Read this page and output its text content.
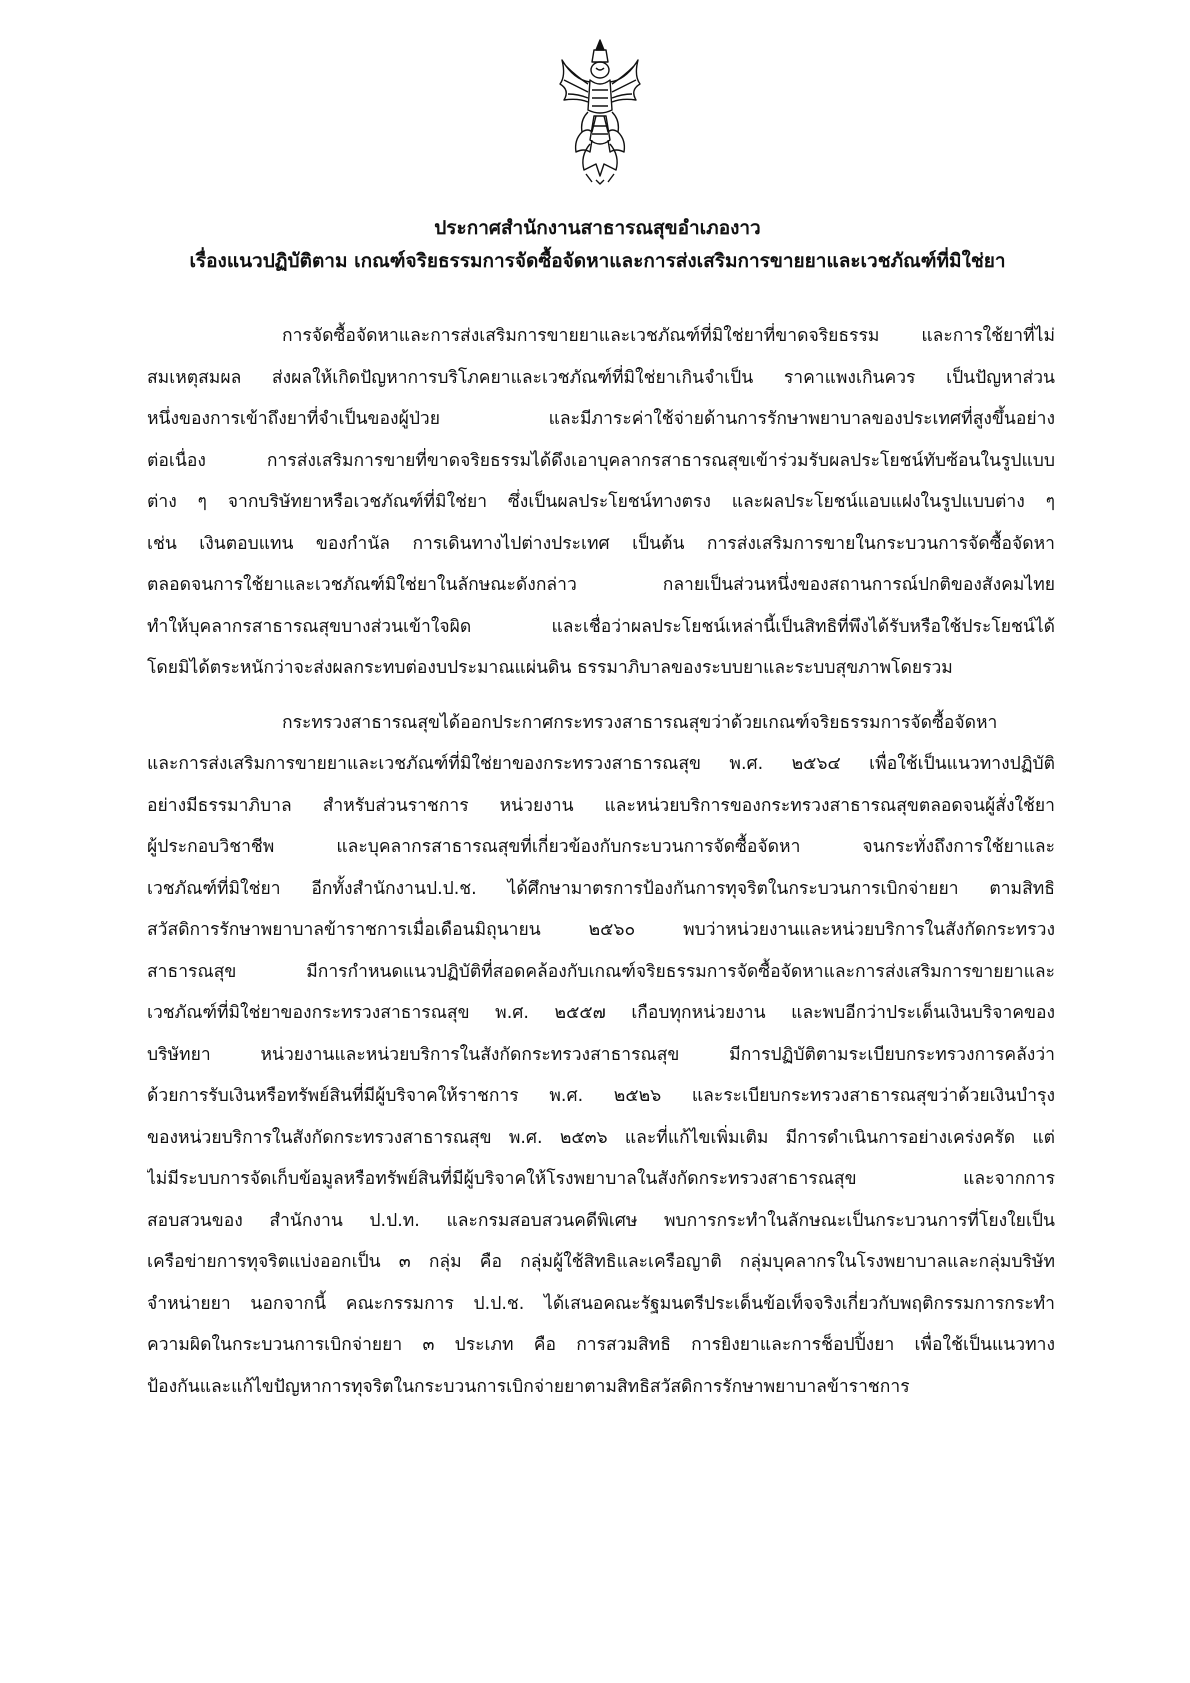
ประกาศสำนักงานสาธารณสุขอำเภองาว
เรื่องแนวปฏิบัติตาม เกณฑ์จริยธรรมการจัดซื้อจัดหาและการส่งเสริมการขายยาและเวชภัณฑ์ที่มิใช่ยา
การจัดซื้อจัดหาและการส่งเสริมการขายยาและเวชภัณฑ์ที่มิใช่ยาที่ขาดจริยธรรม และการใช้ยาที่ไม่
สมเหตุสมผล ส่งผลให้เกิดปัญหาการบริโภคยาและเวชภัณฑ์ที่มิใช่ยาเกินจำเป็น ราคาแพงเกินควร เป็นปัญหาส่วน
หนึ่งของการเข้าถึงยาที่จำเป็นของผู้ป่วย และมีภาระค่าใช้จ่ายด้านการรักษาพยาบาลของประเทศที่สูงขึ้นอย่าง
ต่อเนื่อง การส่งเสริมการขายที่ขาดจริยธรรมได้ดึงเอาบุคลากรสาธารณสุขเข้าร่วมรับผลประโยชน์ทับซ้อนในรูปแบบ
ต่าง ๆ จากบริษัทยาหรือเวชภัณฑ์ที่มิใช่ยา ซึ่งเป็นผลประโยชน์ทางตรง และผลประโยชน์แอบแฝงในรูปแบบต่าง ๆ
เช่น เงินตอบแทน ของกำนัล การเดินทางไปต่างประเทศ เป็นต้น การส่งเสริมการขายในกระบวนการจัดซื้อจัดหา
ตลอดจนการใช้ยาและเวชภัณฑ์มิใช่ยาในลักษณะดังกล่าว กลายเป็นส่วนหนึ่งของสถานการณ์ปกติของสังคมไทย
ทำให้บุคลากรสาธารณสุขบางส่วนเข้าใจผิด และเชื่อว่าผลประโยชน์เหล่านี้เป็นสิทธิที่พึงได้รับหรือใช้ประโยชน์ได้
โดยมิได้ตระหนักว่าจะส่งผลกระทบต่องบประมาณแผ่นดิน ธรรมาภิบาลของระบบยาและระบบสุขภาพโดยรวม
กระทรวงสาธารณสุขได้ออกประกาศกระทรวงสาธารณสุขว่าด้วยเกณฑ์จริยธรรมการจัดซื้อจัดหา
และการส่งเสริมการขายยาและเวชภัณฑ์ที่มิใช่ยาของกระทรวงสาธารณสุข พ.ศ. ๒๕๖๔ เพื่อใช้เป็นแนวทางปฏิบัติ
อย่างมีธรรมาภิบาล สำหรับส่วนราชการ หน่วยงาน และหน่วยบริการของกระทรวงสาธารณสุขตลอดจนผู้สั่งใช้ยา
ผู้ประกอบวิชาชีพ และบุคลากรสาธารณสุขที่เกี่ยวข้องกับกระบวนการจัดซื้อจัดหา จนกระทั่งถึงการใช้ยาและ
เวชภัณฑ์ที่มิใช่ยา อีกทั้งสำนักงานป.ป.ช. ได้ศึกษามาตรการป้องกันการทุจริตในกระบวนการเบิกจ่ายยา ตามสิทธิ
สวัสดิการรักษาพยาบาลข้าราชการเมื่อเดือนมิถุนายน ๒๕๖๐ พบว่าหน่วยงานและหน่วยบริการในสังกัดกระทรวง
สาธารณสุข มีการกำหนดแนวปฏิบัติที่สอดคล้องกับเกณฑ์จริยธรรมการจัดซื้อจัดหาและการส่งเสริมการขายยาและ
เวชภัณฑ์ที่มิใช่ยาของกระทรวงสาธารณสุข พ.ศ. ๒๕๕๗ เกือบทุกหน่วยงาน และพบอีกว่าประเด็นเงินบริจาคของ
บริษัทยา หน่วยงานและหน่วยบริการในสังกัดกระทรวงสาธารณสุข มีการปฏิบัติตามระเบียบกระทรวงการคลังว่า
ด้วยการรับเงินหรือทรัพย์สินที่มีผู้บริจาคให้ราชการ พ.ศ. ๒๕๒๖ และระเบียบกระทรวงสาธารณสุขว่าด้วยเงินบำรุง
ของหน่วยบริการในสังกัดกระทรวงสาธารณสุข พ.ศ. ๒๕๓๖ และที่แก้ไขเพิ่มเติม มีการดำเนินการอย่างเคร่งครัด แต่
ไม่มีระบบการจัดเก็บข้อมูลหรือทรัพย์สินที่มีผู้บริจาคให้โรงพยาบาลในสังกัดกระทรวงสาธารณสุข และจากการ
สอบสวนของ สำนักงาน ป.ป.ท. และกรมสอบสวนคดีพิเศษ พบการกระทำในลักษณะเป็นกระบวนการที่โยงใยเป็น
เครือข่ายการทุจริตแบ่งออกเป็น ๓ กลุ่ม คือ กลุ่มผู้ใช้สิทธิและเครือญาติ กลุ่มบุคลากรในโรงพยาบาลและกลุ่มบริษัท
จำหน่ายยา นอกจากนี้ คณะกรรมการ ป.ป.ช. ได้เสนอคณะรัฐมนตรีประเด็นข้อเท็จจริงเกี่ยวกับพฤติกรรมการกระทำ
ความผิดในกระบวนการเบิกจ่ายยา ๓ ประเภท คือ การสวมสิทธิ การยิงยาและการช็อปปิ้งยา เพื่อใช้เป็นแนวทาง
ป้องกันและแก้ไขปัญหาการทุจริตในกระบวนการเบิกจ่ายยาตามสิทธิสวัสดิการรักษาพยาบาลข้าราชการ
